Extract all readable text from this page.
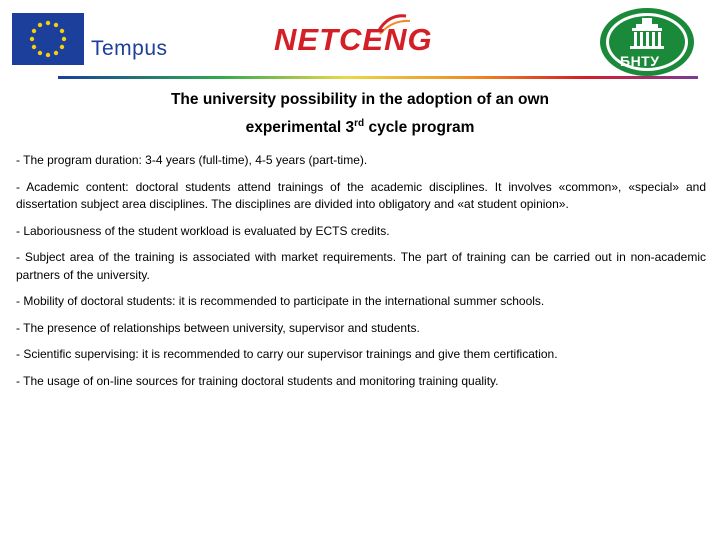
Tempus	NETCENG
БНТУ
The university possibility in the adoption of an own
experimental 3rd cycle program

- The program duration: 3-4 years (full-time), 4-5 years (part-time).

- Academic content: doctoral students attend trainings of the academic disciplines. It involves «common», «special» and dissertation subject area disciplines. The disciplines are divided into obligatory and «at student opinion».

- Laboriousness of the student workload is evaluated by ECTS credits.

- Subject area of the training is associated with market requirements. The part of training can be carried out in non-academic partners of the university.

- Mobility of doctoral students: it is recommended to participate in the international summer schools.

- The presence of relationships between university, supervisor and students.

- Scientific supervising: it is recommended to carry our supervisor trainings and give them certification.

- The usage of on-line sources for training doctoral students and monitoring training quality.
